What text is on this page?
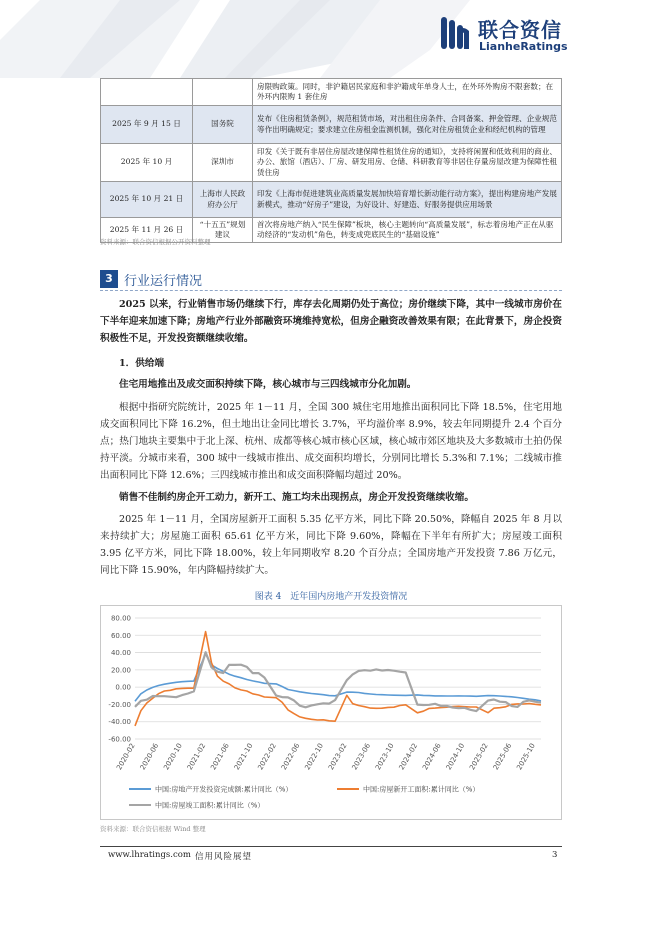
联合资信
LianheRatings
		房限购政策。同时，非沪籍居民家庭和非沪籍成年单身人士，在外环外购房不限套数；在外环内限购 1 套住房
2025 年 9 月 15 日	国务院	发布《住房租赁条例》，规范租赁市场，对出租住房条件、合同备案、押金管理、企业规范等作出明确规定；要求建立住房租金监测机制，强化对住房租赁企业和经纪机构的管理
2025 年 10 月	深圳市	印发《关于既有非居住房屋改建保障性租赁住房的通知》，支持将闲置和低效利用的商业、办公、旅馆（酒店）、厂房、研发用房、仓储、科研教育等非居住存量房屋改建为保障性租赁住房
2025 年 10 月 21 日	上海市人民政府办公厅	印发《上海市促进建筑业高质量发展加快培育增长新动能行动方案》，提出构建房地产发展新模式，推动“好房子”建设，为好设计、好建造、好服务提供应用场景
2025 年 11 月 26 日	“十五五”规划建议	首次将房地产纳入“民生保障”板块，核心主题转向“高质量发展”，标志着房地产正在从驱动经济的“发动机”角色，转变成兜底民生的“基础设施”
资料来源：联合资信根据公开资料整理
3 行业运行情况

2025 以来，行业销售市场仍继续下行，库存去化周期仍处于高位；房价继续下降，其中一线城市房价在下半年迎来加速下降；房地产行业外部融资环境维持宽松，但房企融资改善效果有限；在此背景下，房企投资积极性不足，开发投资额继续收缩。

1．供给端

住宅用地推出及成交面积持续下降，核心城市与三四线城市分化加剧。

根据中指研究院统计，2025 年 1－11 月，全国 300 城住宅用地推出面积同比下降 18.5%，住宅用地成交面积同比下降 16.2%，但土地出让金同比增长 3.7%，平均溢价率 8.9%，较去年同期提升 2.4 个百分点；热门地块主要集中于北上深、杭州、成都等核心城市核心区域，核心城市郊区地块及大多数城市土拍仍保持平淡。分城市来看，300 城中一线城市推出、成交面积均增长，分别同比增长 5.3%和 7.1%；二线城市推出面积同比下降 12.6%；三四线城市推出和成交面积降幅均超过 20%。

销售不佳制约房企开工动力，新开工、施工均未出现拐点，房企开发投资继续收缩。

2025 年 1－11 月，全国房屋新开工面积 5.35 亿平方米，同比下降 20.50%，降幅自 2025 年 8 月以来持续扩大；房屋施工面积 65.61 亿平方米，同比下降 9.60%，降幅在下半年有所扩大；房屋竣工面积 3.95 亿平方米，同比下降 18.00%，较上年同期收窄 8.20 个百分点；全国房地产开发投资 7.86 万亿元，同比下降 15.90%，年内降幅持续扩大。

图表 4　近年国内房地产开发投资情况
80.00
60.00
40.00
20.00
0.00
-20.00
-40.00
-60.00
2020-02 2020-06 2020-10 2021-02 2021-06 2021-10 2022-02 2022-06 2022-10 2023-02 2023-06 2023-10 2024-02 2024-06 2024-10 2025-02 2025-06 2025-10
中国:房地产开发投资完成额:累计同比（%）	中国:房屋新开工面积:累计同比（%）
中国:房屋竣工面积:累计同比（%）
资料来源：联合资信根据 Wind 整理
www.lhratings.com 信用风险展望	3
